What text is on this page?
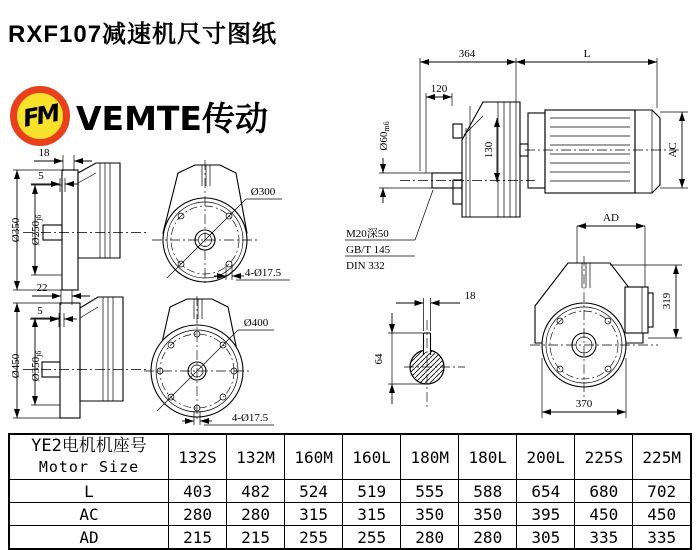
RXF107减速机尺寸图纸
FM VEMTE传动
Ø350 Ø250j6
18
5
Ø300
4-Ø17.5
Ø450 Ø350j6
22
5
Ø400
4-Ø17.5
364	L
120
130	AC
Ø60m6
M20深50
GB/T 145
DIN 332
18
64
AD
319
370
YE2电机机座号
Motor Size	132S	132M	160M	160L	180M	180L	200L	225S	225M
L	403	482	524	519	555	588	654	680	702
AC	280	280	315	315	350	350	395	450	450
AD	215	215	255	255	280	280	305	335	335
